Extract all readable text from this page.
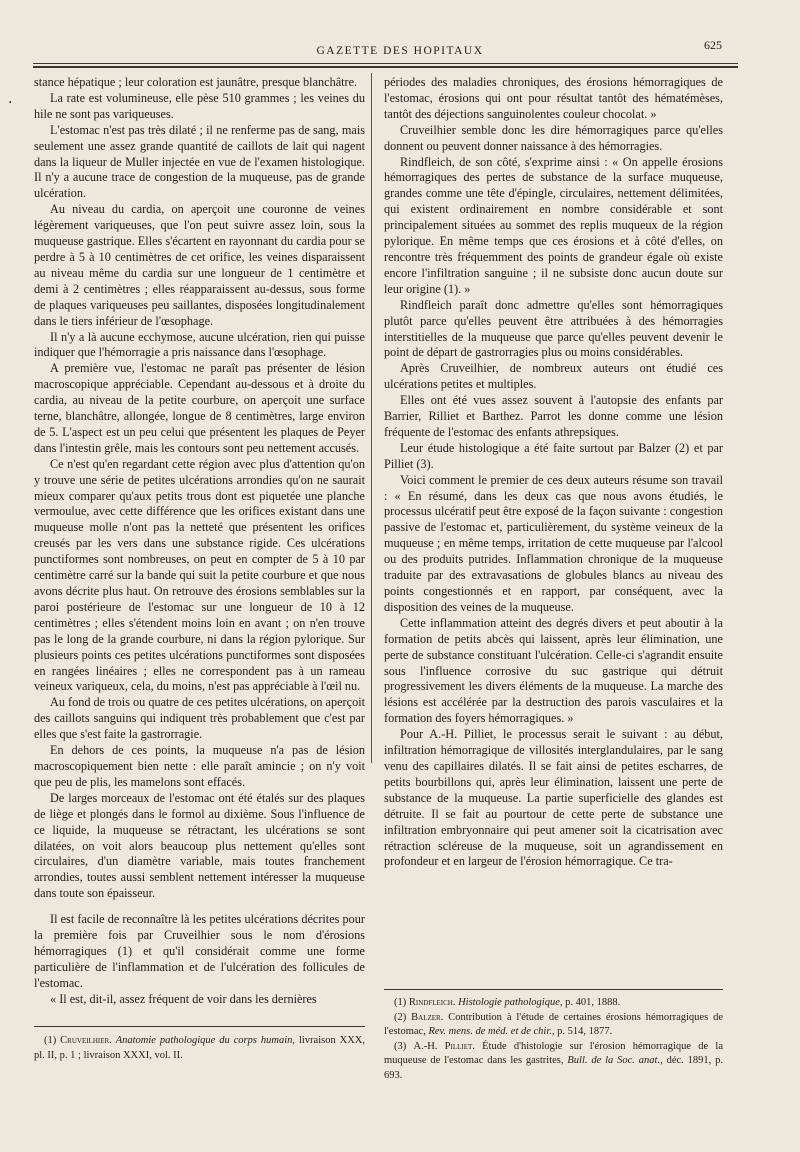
·
GAZETTE DES HOPITAUX	625

stance hépatique ; leur coloration est jaunâtre, presque blanchâtre.

La rate est volumineuse, elle pèse 510 grammes ; les veines du hile ne sont pas variqueuses.

L'estomac n'est pas très dilaté ; il ne renferme pas de sang, mais seulement une assez grande quantité de caillots de lait qui nagent dans la liqueur de Muller injectée en vue de l'examen histologique. Il n'y a aucune trace de congestion de la muqueuse, pas de grande ulcération.

Au niveau du cardia, on aperçoit une couronne de veines légèrement variqueuses, que l'on peut suivre assez loin, sous la muqueuse gastrique. Elles s'écartent en rayonnant du cardia pour se perdre à 5 à 10 centimètres de cet orifice, les veines disparaissent au niveau même du cardia sur une longueur de 1 centimètre et demi à 2 centimètres ; elles réapparaissent au-dessus, sous forme de plaques variqueuses peu saillantes, disposées longitudinalement dans le tiers inférieur de l'œsophage.

Il n'y a là aucune ecchymose, aucune ulcération, rien qui puisse indiquer que l'hémorragie a pris naissance dans l'œsophage.

A première vue, l'estomac ne paraît pas présenter de lésion macroscopique appréciable. Cependant au-dessous et à droite du cardia, au niveau de la petite courbure, on aperçoit une surface terne, blanchâtre, allongée, longue de 8 centimètres, large environ de 5. L'aspect est un peu celui que présentent les plaques de Peyer dans l'intestin grêle, mais les contours sont peu nettement accusés.

Ce n'est qu'en regardant cette région avec plus d'attention qu'on y trouve une série de petites ulcérations arrondies qu'on ne saurait mieux comparer qu'aux petits trous dont est piquetée une planche vermoulue, avec cette différence que les orifices existant dans une muqueuse molle n'ont pas la netteté que présentent les orifices creusés par les vers dans une substance rigide. Ces ulcérations punctiformes sont nombreuses, on peut en compter de 5 à 10 par centimètre carré sur la bande qui suit la petite courbure et que nous avons décrite plus haut. On retrouve des érosions semblables sur la paroi postérieure de l'estomac sur une longueur de 10 à 12 centimètres ; elles s'étendent moins loin en avant ; on n'en trouve pas le long de la grande courbure, ni dans la région pylorique. Sur plusieurs points ces petites ulcérations punctiformes sont disposées en rangées linéaires ; elles ne correspondent pas à un rameau veineux variqueux, cela, du moins, n'est pas appréciable à l'œil nu.

Au fond de trois ou quatre de ces petites ulcérations, on aperçoit des caillots sanguins qui indiquent très probablement que c'est par elles que s'est faite la gastrorragie.

En dehors de ces points, la muqueuse n'a pas de lésion macroscopiquement bien nette : elle paraît amincie ; on n'y voit que peu de plis, les mamelons sont effacés.

De larges morceaux de l'estomac ont été étalés sur des plaques de liège et plongés dans le formol au dixième. Sous l'influence de ce liquide, la muqueuse se rétractant, les ulcérations se sont dilatées, on voit alors beaucoup plus nettement qu'elles sont circulaires, d'un diamètre variable, mais toutes franchement arrondies, toutes aussi semblent nettement intéresser la muqueuse dans toute son épaisseur.

Il est facile de reconnaître là les petites ulcérations décrites pour la première fois par Cruveilhier sous le nom d'érosions hémorragiques (1) et qu'il considérait comme une forme particulière de l'inflammation et de l'ulcération des follicules de l'estomac.

« Il est, dit-il, assez fréquent de voir dans les dernières

périodes des maladies chroniques, des érosions hémorragiques de l'estomac, érosions qui ont pour résultat tantôt des hématémèses, tantôt des déjections sanguinolentes couleur chocolat. »

Cruveilhier semble donc les dire hémorragiques parce qu'elles donnent ou peuvent donner naissance à des hémorragies.

Rindfleich, de son côté, s'exprime ainsi : « On appelle érosions hémorragiques des pertes de substance de la surface muqueuse, grandes comme une tête d'épingle, circulaires, nettement délimitées, qui existent ordinairement en nombre considérable et sont principalement situées au sommet des replis muqueux de la région pylorique. En même temps que ces érosions et à côté d'elles, on rencontre très fréquemment des points de grandeur égale où existe encore l'infiltration sanguine ; il ne subsiste donc aucun doute sur leur origine (1). »

Rindfleich paraît donc admettre qu'elles sont hémorragiques plutôt parce qu'elles peuvent être attribuées à des hémorragies interstitielles de la muqueuse que parce qu'elles peuvent devenir le point de départ de gastrorragies plus ou moins considérables.

Après Cruveilhier, de nombreux auteurs ont étudié ces ulcérations petites et multiples.

Elles ont été vues assez souvent à l'autopsie des enfants par Barrier, Rilliet et Barthez. Parrot les donne comme une lésion fréquente de l'estomac des enfants athrepsiques.

Leur étude histologique a été faite surtout par Balzer (2) et par Pilliet (3).

Voici comment le premier de ces deux auteurs résume son travail : « En résumé, dans les deux cas que nous avons étudiés, le processus ulcératif peut être exposé de la façon suivante : congestion passive de l'estomac et, particulièrement, du système veineux de la muqueuse ; en même temps, irritation de cette muqueuse par l'alcool ou des produits putrides. Inflammation chronique de la muqueuse traduite par des extravasations de globules blancs au niveau des points congestionnés et en rapport, par conséquent, avec la disposition des veines de la muqueuse.

Cette inflammation atteint des degrés divers et peut aboutir à la formation de petits abcès qui laissent, après leur élimination, une perte de substance constituant l'ulcération. Celle-ci s'agrandit ensuite sous l'influence corrosive du suc gastrique qui détruit progressivement les divers éléments de la muqueuse. La marche des lésions est accélérée par la destruction des parois vasculaires et la formation des foyers hémorragiques. »

Pour A.-H. Pilliet, le processus serait le suivant : au début, infiltration hémorragique de villosités interglandulaires, par le sang venu des capillaires dilatés. Il se fait ainsi de petites escharres, de petits bourbillons qui, après leur élimination, laissent une perte de substance de la muqueuse. La partie superficielle des glandes est détruite. Il se fait au pourtour de cette perte de substance une infiltration embryonnaire qui peut amener soit la cicatrisation avec rétraction scléreuse de la muqueuse, soit un agrandissement en profondeur et en largeur de l'érosion hémorragique. Ce tra-

(1) Cruveilhier. Anatomie pathologique du corps humain, livraison XXX, pl. II, p. 1 ; livraison XXXI, vol. II.

(1) Rindfleich. Histologie pathologique, p. 401, 1888.

(2) Balzer. Contribution à l'étude de certaines érosions hémorragiques de l'estomac, Rev. mens. de méd. et de chir., p. 514, 1877.

(3) A.-H. Pilliet. Étude d'histologie sur l'érosion hémorragique de la muqueuse de l'estomac dans les gastrites, Bull. de la Soc. anat., déc. 1891, p. 693.
